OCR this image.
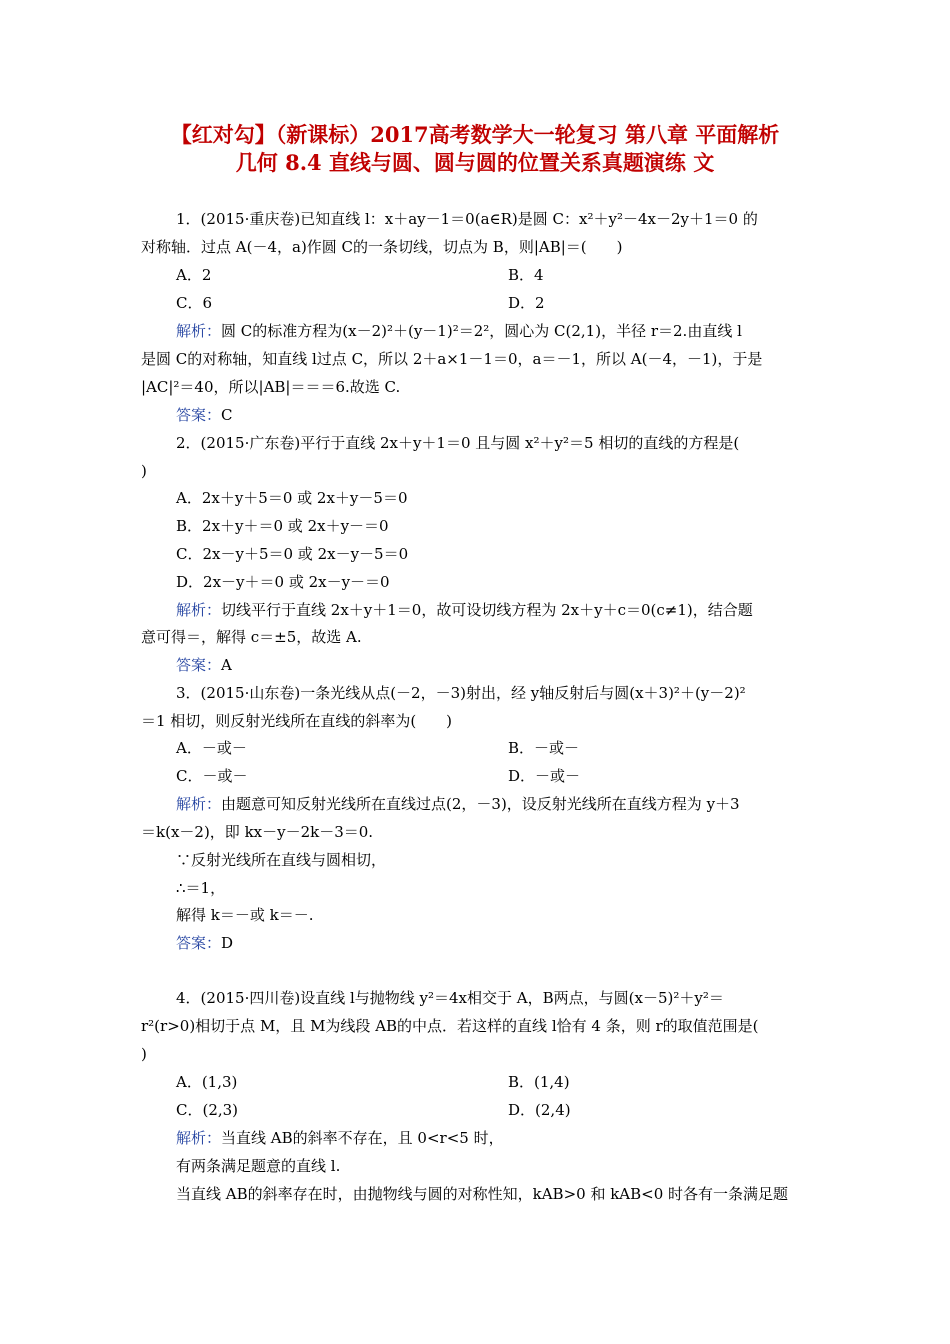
【红对勾】（新课标）2017高考数学大一轮复习 第八章 平面解析
几何 8.4 直线与圆、圆与圆的位置关系真题演练 文
1．(2015·重庆卷)已知直线 l：x＋ay－1＝0(a∈R)是圆 C：x²＋y²－4x－2y＋1＝0 的
对称轴．过点 A(－4，a)作圆 C的一条切线，切点为 B，则|AB|＝(　　)
A．2	B．4
C．6	D．2
解析：圆 C的标准方程为(x－2)²＋(y－1)²＝2²，圆心为 C(2,1)，半径 r＝2.由直线 l
是圆 C的对称轴，知直线 l过点 C，所以 2＋a×1－1＝0，a＝－1，所以 A(－4，－1)，于是
|AC|²＝40，所以|AB|＝＝＝6.故选 C.
答案：C
2．(2015·广东卷)平行于直线 2x＋y＋1＝0 且与圆 x²＋y²＝5 相切的直线的方程是(
)
A．2x＋y＋5＝0 或 2x＋y－5＝0
B．2x＋y＋＝0 或 2x＋y－＝0
C．2x－y＋5＝0 或 2x－y－5＝0
D．2x－y＋＝0 或 2x－y－＝0
解析：切线平行于直线 2x＋y＋1＝0，故可设切线方程为 2x＋y＋c＝0(c≠1)，结合题
意可得＝，解得 c＝±5，故选 A.
答案：A
3．(2015·山东卷)一条光线从点(－2，－3)射出，经 y轴反射后与圆(x＋3)²＋(y－2)²
＝1 相切，则反射光线所在直线的斜率为(　　)
A．－或－	B．－或－
C．－或－	D．－或－
解析：由题意可知反射光线所在直线过点(2，－3)，设反射光线所在直线方程为 y＋3
＝k(x－2)，即 kx－y－2k－3＝0.
∵反射光线所在直线与圆相切，
∴＝1，
解得 k＝－或 k＝－.
答案：D
4．(2015·四川卷)设直线 l与抛物线 y²＝4x相交于 A，B两点，与圆(x－5)²＋y²＝
r²(r>0)相切于点 M，且 M为线段 AB的中点．若这样的直线 l恰有 4 条，则 r的取值范围是(
)
A．(1,3)	B．(1,4)
C．(2,3)	D．(2,4)
解析：当直线 AB的斜率不存在，且 0<r<5 时，
有两条满足题意的直线 l.
当直线 AB的斜率存在时，由抛物线与圆的对称性知，kAB>0 和 kAB<0 时各有一条满足题
